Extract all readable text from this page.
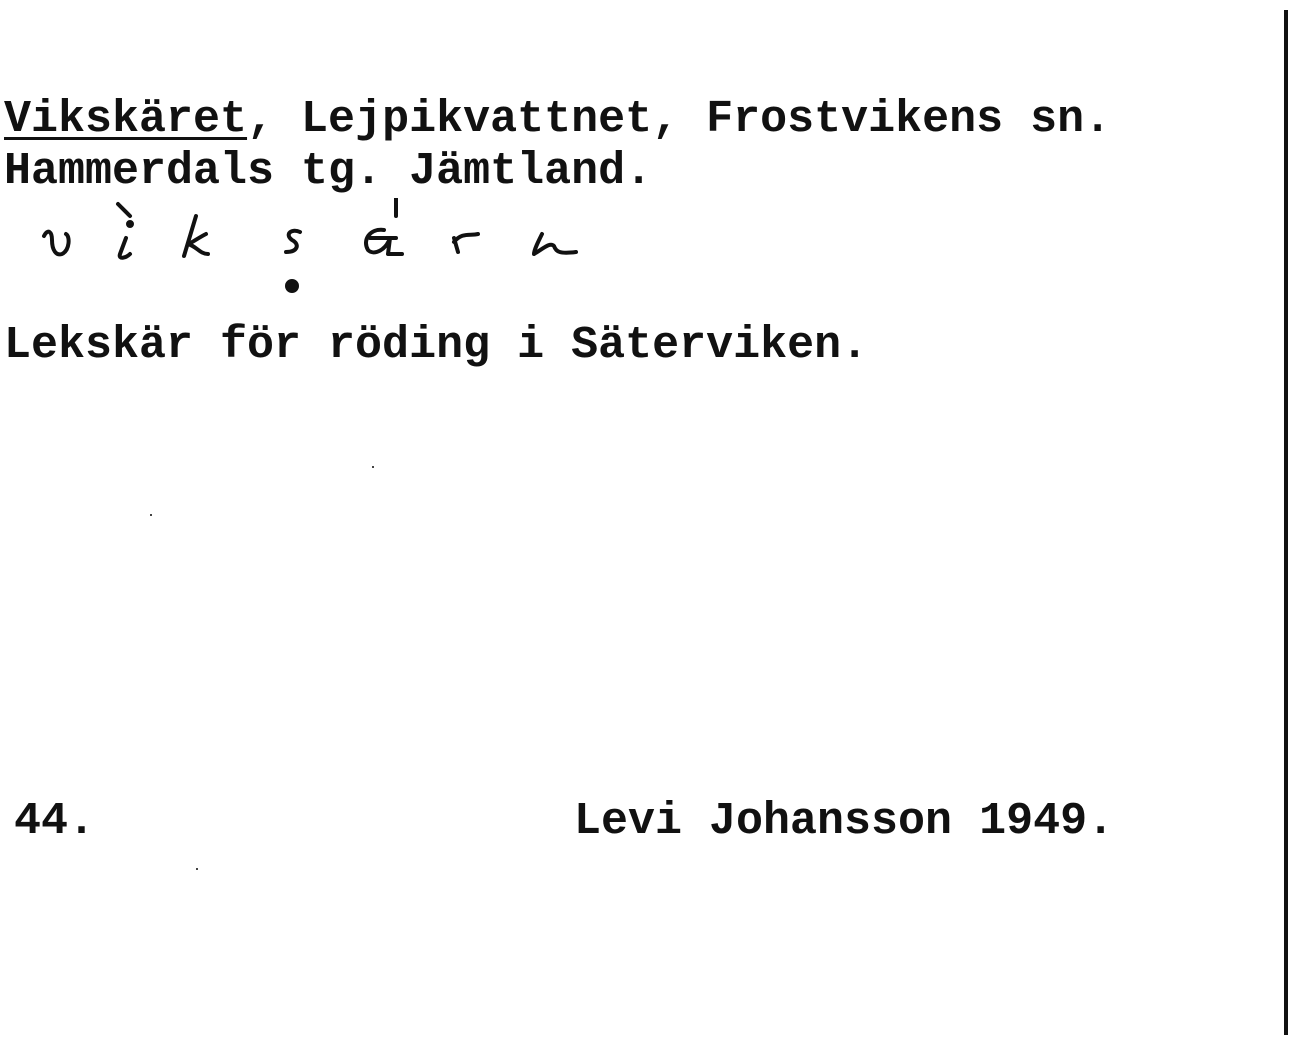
Vikskäret, Lejpikvattnet, Frostvikens sn.
Hammerdals tg. Jämtland.
vi̇ksäre
Lekskär för röding i Säterviken.
44.	Levi Johansson 1949.
